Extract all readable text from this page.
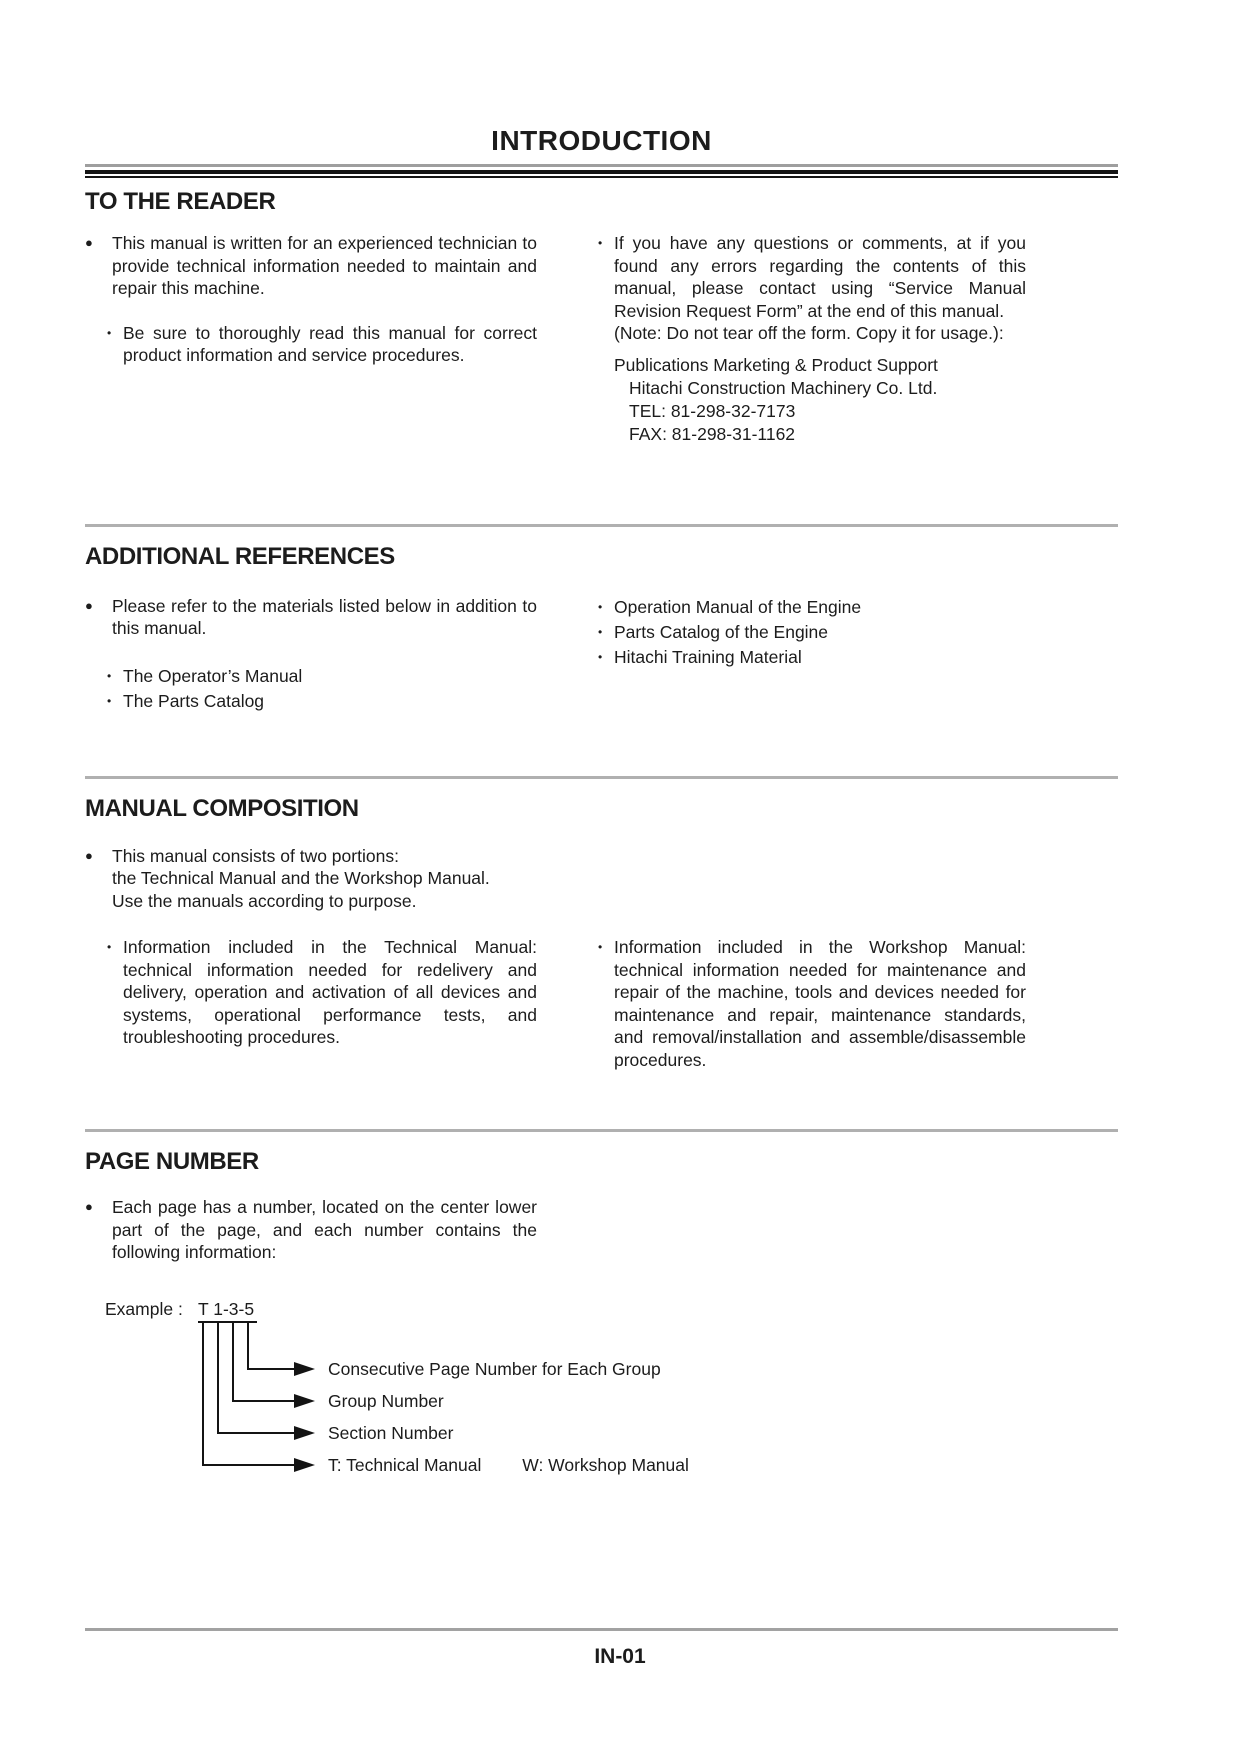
INTRODUCTION
TO THE READER
●	This manual is written for an experienced technician to provide technical information needed to maintain and repair this machine.
• Be sure to thoroughly read this manual for correct product information and service procedures.
• If you have any questions or comments, at if you found any errors regarding the contents of this manual, please contact using “Service Manual Revision Request Form” at the end of this manual.
(Note: Do not tear off the form. Copy it for usage.):
Publications Marketing & Product Support
Hitachi Construction Machinery Co. Ltd.
TEL: 81-298-32-7173
FAX: 81-298-31-1162
ADDITIONAL REFERENCES
●	Please refer to the materials listed below in addition to this manual.
• The Operator’s Manual
• The Parts Catalog
• Operation Manual of the Engine
• Parts Catalog of the Engine
• Hitachi Training Material
MANUAL COMPOSITION
●	This manual consists of two portions:
the Technical Manual and the Workshop Manual.
Use the manuals according to purpose.
• Information included in the Technical Manual: technical information needed for redelivery and delivery, operation and activation of all devices and systems, operational performance tests, and troubleshooting procedures.
• Information included in the Workshop Manual: technical information needed for maintenance and repair of the machine, tools and devices needed for maintenance and repair, maintenance standards, and removal/installation and assemble/disassemble procedures.
PAGE NUMBER
●	Each page has a number, located on the center lower part of the page, and each number contains the following information:
Example : T 1-3-5
Consecutive Page Number for Each Group
Group Number
Section Number
T: Technical Manual W: Workshop Manual
IN-01
